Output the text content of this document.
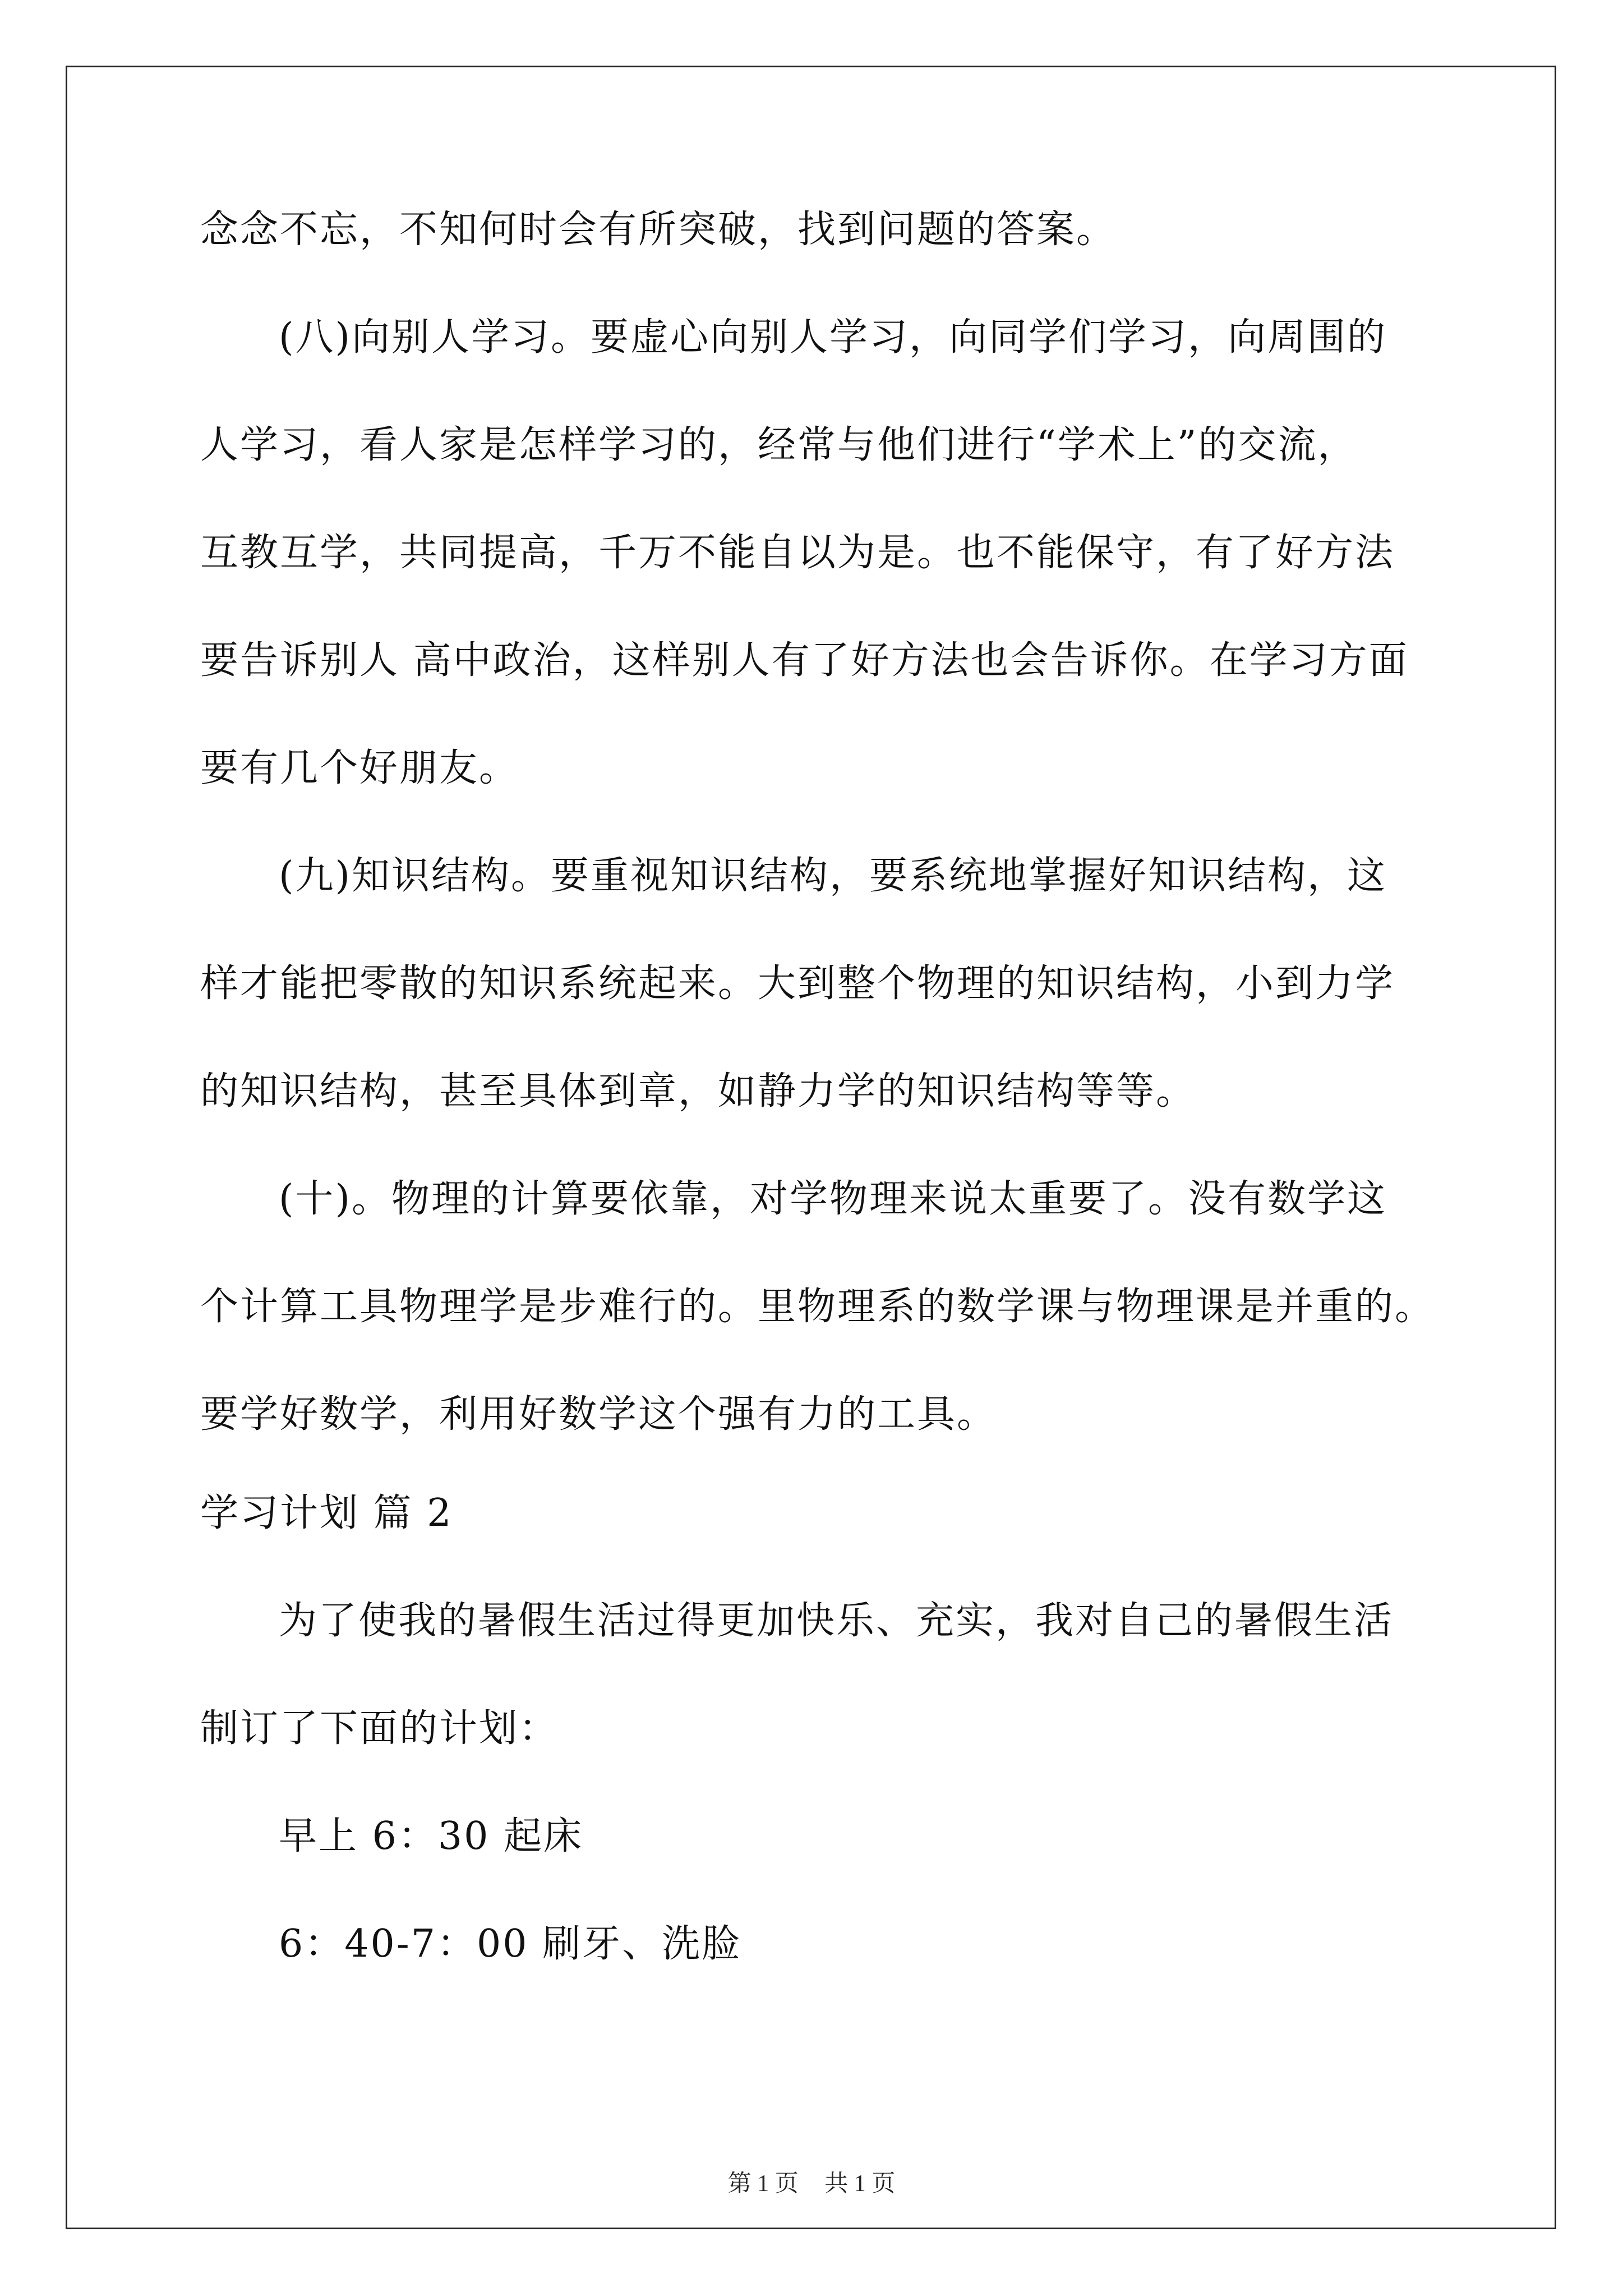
念念不忘，不知何时会有所突破，找到问题的答案。
(八)向别人学习。要虚心向别人学习，向同学们学习，向周围的
人学习，看人家是怎样学习的，经常与他们进行“学术上”的交流，
互教互学，共同提高，千万不能自以为是。也不能保守，有了好方法
要告诉别人 高中政治，这样别人有了好方法也会告诉你。在学习方面
要有几个好朋友。
(九)知识结构。要重视知识结构，要系统地掌握好知识结构，这
样才能把零散的知识系统起来。大到整个物理的知识结构，小到力学
的知识结构，甚至具体到章，如静力学的知识结构等等。
(十)。物理的计算要依靠，对学物理来说太重要了。没有数学这
个计算工具物理学是步难行的。里物理系的数学课与物理课是并重的。
要学好数学，利用好数学这个强有力的工具。
学习计划 篇 2
为了使我的暑假生活过得更加快乐、充实，我对自己的暑假生活
制订了下面的计划：
早上 6：30 起床
6：40-7：00 刷牙、洗脸
第 1 页 共 1 页
